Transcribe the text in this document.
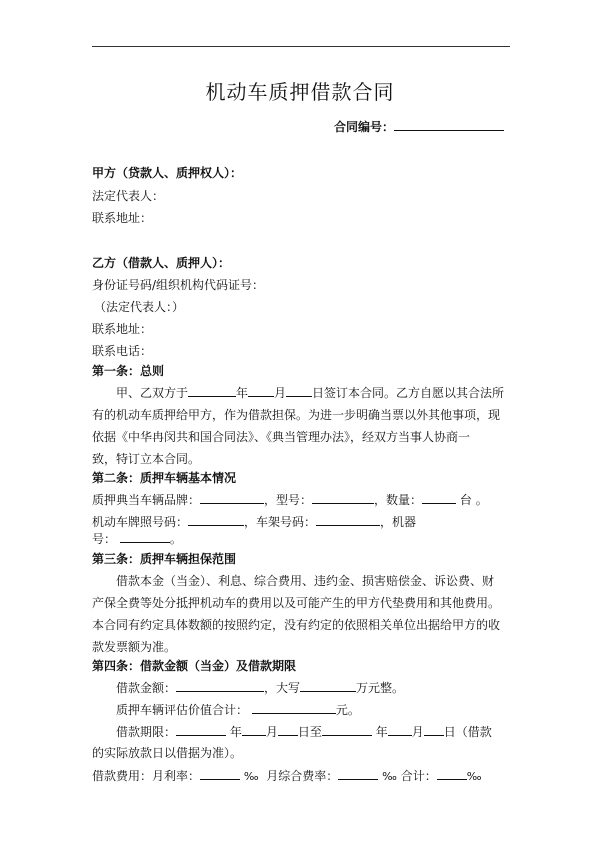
机动车质押借款合同
合同编号：
甲方（贷款人、质押权人）：
法定代表人：
联系地址：
乙方（借款人、质押人）：
身份证号码/组织机构代码证号：
（法定代表人：）
联系地址：
联系电话：
第一条：总则
甲、乙双方于	年 月 日签订本合同。乙方自愿以其合法所
有的机动车质押给甲方，作为借款担保。为进一步明确当票以外其他事项，现
依据《中华冉闵共和国合同法》、《典当管理办法》，经双方当事人协商一
致，特订立本合同。
第二条：质押车辆基本情况
质押典当车辆品牌：	，型号：	，数量：	台 。
机动车牌照号码：	，车架号码：	，机器
号：	。
第三条：质押车辆担保范围
借款本金（当金）、利息、综合费用、违约金、损害赔偿金、诉讼费、财
产保全费等处分抵押机动车的费用以及可能产生的甲方代垫费用和其他费用。
本合同有约定具体数额的按照约定，没有约定的依照相关单位出据给甲方的收
款发票额为准。
第四条：借款金额（当金）及借款期限
借款金额：	，大写	万元整。
质押车辆评估价值合计：	元。
借款期限：	年 月 日至	年 月 日（借款
的实际放款日以借据为准）。
借款费用：月利率：	‰ 月综合费率：	‰ 合计：	‰
